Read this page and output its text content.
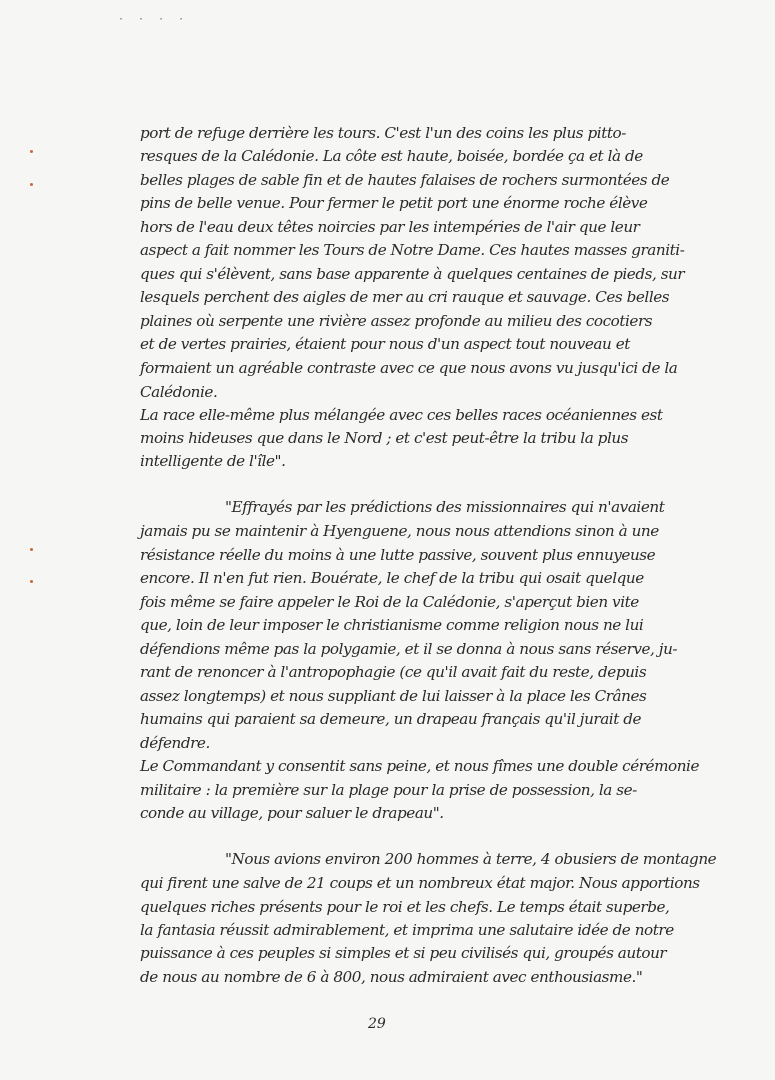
· · · ·
port de refuge derrière les tours. C'est l'un des coins les plus pitto-
resques de la Calédonie. La côte est haute, boisée, bordée ça et là de
belles plages de sable fin et de hautes falaises de rochers surmontées de
pins de belle venue. Pour fermer le petit port une énorme roche élève
hors de l'eau deux têtes noircies par les intempéries de l'air que leur
aspect a fait nommer les Tours de Notre Dame. Ces hautes masses graniti-
ques qui s'élèvent, sans base apparente à quelques centaines de pieds, sur
lesquels perchent des aigles de mer au cri rauque et sauvage. Ces belles
plaines où serpente une rivière assez profonde au milieu des cocotiers
et de vertes prairies, étaient pour nous d'un aspect tout nouveau et
formaient un agréable contraste avec ce que nous avons vu jusqu'ici de la
Calédonie.
La race elle-même plus mélangée avec ces belles races océaniennes est
moins hideuses que dans le Nord ; et c'est peut-être la tribu la plus
intelligente de l'île".
"Effrayés par les prédictions des missionnaires qui n'avaient
jamais pu se maintenir à Hyenguene, nous nous attendions sinon à une
résistance réelle du moins à une lutte passive, souvent plus ennuyeuse
encore. Il n'en fut rien. Bouérate, le chef de la tribu qui osait quelque
fois même se faire appeler le Roi de la Calédonie, s'aperçut bien vite
que, loin de leur imposer le christianisme comme religion nous ne lui
défendions même pas la polygamie, et il se donna à nous sans réserve, ju-
rant de renoncer à l'antropophagie (ce qu'il avait fait du reste, depuis
assez longtemps) et nous suppliant de lui laisser à la place les Crânes
humains qui paraient sa demeure, un drapeau français qu'il jurait de
défendre.
Le Commandant y consentit sans peine, et nous fîmes une double cérémonie
militaire : la première sur la plage pour la prise de possession, la se-
conde au village, pour saluer le drapeau".
"Nous avions environ 200 hommes à terre, 4 obusiers de montagne
qui firent une salve de 21 coups et un nombreux état major. Nous apportions
quelques riches présents pour le roi et les chefs. Le temps était superbe,
la fantasia réussit admirablement, et imprima une salutaire idée de notre
puissance à ces peuples si simples et si peu civilisés qui, groupés autour
de nous au nombre de 6 à 800, nous admiraient avec enthousiasme."
29
